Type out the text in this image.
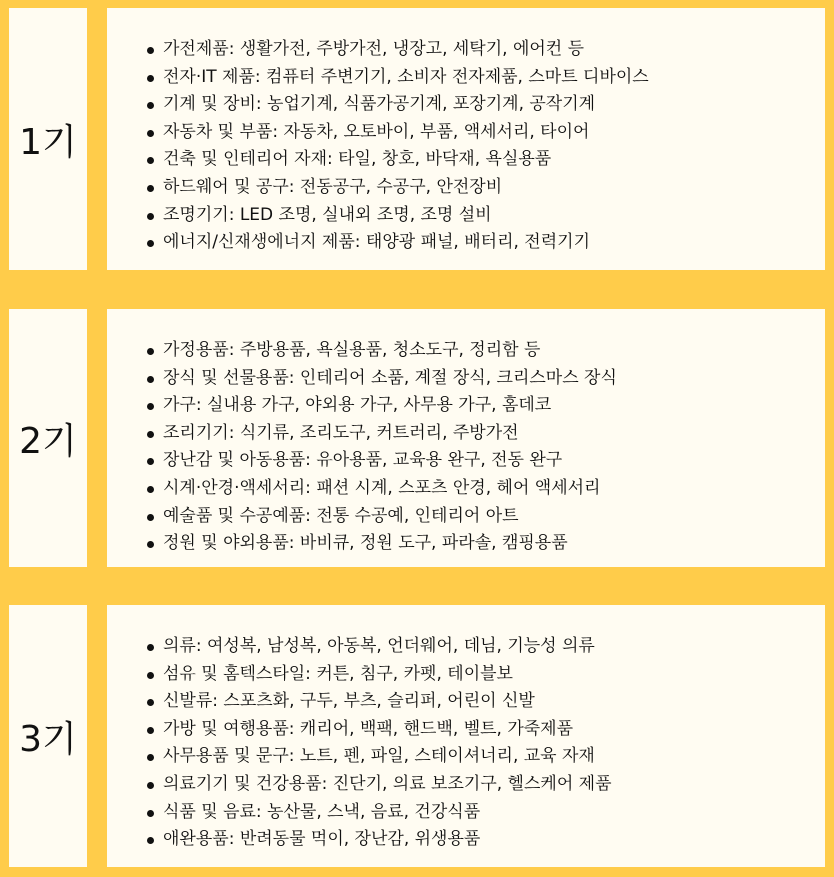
1기
가전제품: 생활가전, 주방가전, 냉장고, 세탁기, 에어컨 등
전자·IT 제품: 컴퓨터 주변기기, 소비자 전자제품, 스마트 디바이스
기계 및 장비: 농업기계, 식품가공기계, 포장기계, 공작기계
자동차 및 부품: 자동차, 오토바이, 부품, 액세서리, 타이어
건축 및 인테리어 자재: 타일, 창호, 바닥재, 욕실용품
하드웨어 및 공구: 전동공구, 수공구, 안전장비
조명기기: LED 조명, 실내외 조명, 조명 설비
에너지/신재생에너지 제품: 태양광 패널, 배터리, 전력기기
2기
가정용품: 주방용품, 욕실용품, 청소도구, 정리함 등
장식 및 선물용품: 인테리어 소품, 계절 장식, 크리스마스 장식
가구: 실내용 가구, 야외용 가구, 사무용 가구, 홈데코
조리기기: 식기류, 조리도구, 커트러리, 주방가전
장난감 및 아동용품: 유아용품, 교육용 완구, 전동 완구
시계·안경·액세서리: 패션 시계, 스포츠 안경, 헤어 액세서리
예술품 및 수공예품: 전통 수공예, 인테리어 아트
정원 및 야외용품: 바비큐, 정원 도구, 파라솔, 캠핑용품
3기
의류: 여성복, 남성복, 아동복, 언더웨어, 데님, 기능성 의류
섬유 및 홈텍스타일: 커튼, 침구, 카펫, 테이블보
신발류: 스포츠화, 구두, 부츠, 슬리퍼, 어린이 신발
가방 및 여행용품: 캐리어, 백팩, 핸드백, 벨트, 가죽제품
사무용품 및 문구: 노트, 펜, 파일, 스테이셔너리, 교육 자재
의료기기 및 건강용품: 진단기, 의료 보조기구, 헬스케어 제품
식품 및 음료: 농산물, 스낵, 음료, 건강식품
애완용품: 반려동물 먹이, 장난감, 위생용품
